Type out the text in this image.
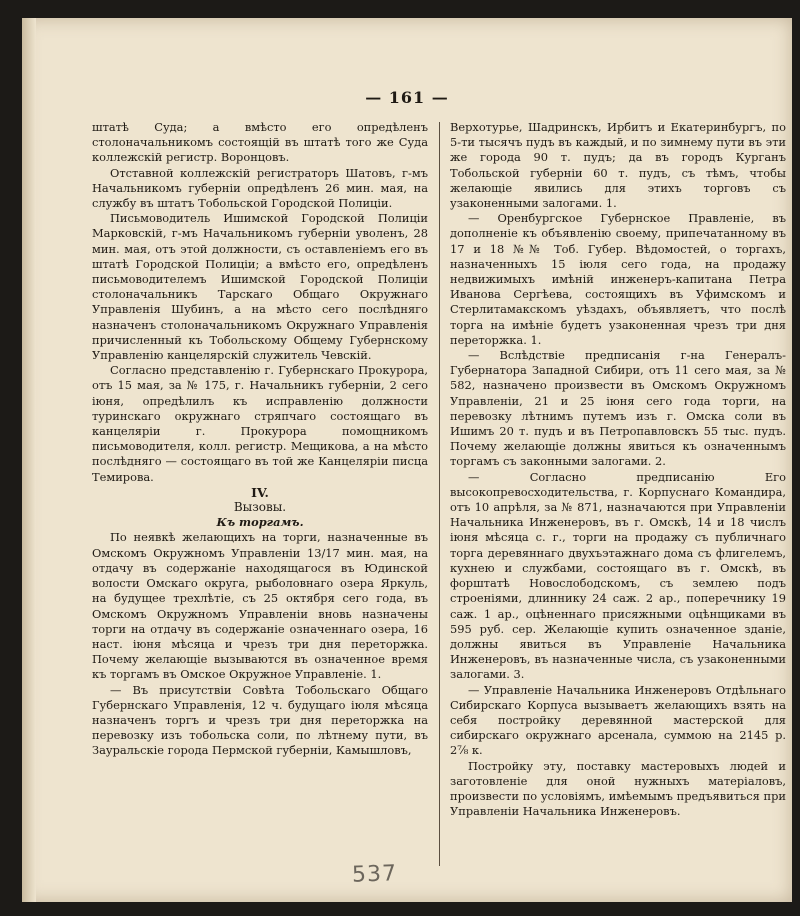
— 161 —

штатѣ Суда; а вмѣсто его опредѣленъ столоначальникомъ состоящій въ штатѣ того же Суда коллежскій регистр. Воронцовъ.

Отставной коллежскій регистраторъ Шатовъ, г-мъ Начальникомъ губерніи опредѣленъ 26 мин. мая, на службу въ штатъ Тобольской Городской Полиціи.

Письмоводитель Ишимской Городской Полиціи Марковскій, г-мъ Начальникомъ губерніи уволенъ, 28 мин. мая, отъ этой должности, съ оставленіемъ его въ штатѣ Городской Полиціи; а вмѣсто его, опредѣленъ письмоводителемъ Ишимской Городской Полиціи столоначальникъ Тарскаго Общаго Окружнаго Управленія Шубинъ, а на мѣсто сего послѣдняго назначенъ столоначальникомъ Окружнаго Управленія причисленный къ Тобольскому Общему Губернскому Управленію канцелярскій служитель Чевскій.

Согласно представленію г. Губернскаго Прокурора, отъ 15 мая, за № 175, г. Начальникъ губерніи, 2 сего іюня, опредѣлилъ къ исправленію должности туринскаго окружнаго стряпчаго состоящаго въ канцеляріи г. Прокурора помощникомъ письмоводителя, колл. регистр. Мещикова, а на мѣсто послѣдняго — состоящаго въ той же Канцеляріи писца Темирова.

IV.

Вызовы.

Къ торгамъ.

По неявкѣ желающихъ на торги, назначенные въ Омскомъ Окружномъ Управленіи 13/17 мин. мая, на отдачу въ содержаніе находящагося въ Юдинской волости Омскаго округа, рыболовнаго озера Яркуль, на будущее трехлѣтіе, съ 25 октября сего года, въ Омскомъ Окружномъ Управленіи вновь назначены торги на отдачу въ содержаніе означеннаго озера, 16 наст. іюня мѣсяца и чрезъ три дня переторжка. Почему желающіе вызываются въ означенное время къ торгамъ въ Омское Окружное Управленіе. 1.

— Въ присутствіи Совѣта Тобольскаго Общаго Губернскаго Управленія, 12 ч. будущаго іюля мѣсяца назначенъ торгъ и чрезъ три дня переторжка на перевозку изъ тобольска соли, по лѣтнему пути, въ Зауральскіе города Пермской губерніи, Камышловъ,

Верхотурье, Шадринскъ, Ирбитъ и Екатеринбургъ, по 5-ти тысячъ пудъ въ каждый, и по зимнему пути въ эти же города 90 т. пудъ; да въ городъ Курганъ Тобольской губерніи 60 т. пудъ, съ тѣмъ, чтобы желающіе явились для этихъ торговъ съ узаконенными залогами. 1.

— Оренбургское Губернское Правленіе, въ дополненіе къ объявленію своему, припечатанному въ 17 и 18 №№ Тоб. Губер. Вѣдомостей, о торгахъ, назначенныхъ 15 іюля сего года, на продажу недвижимыхъ имѣній инженеръ-капитана Петра Иванова Сергѣева, состоящихъ въ Уфимскомъ и Стерлитамакскомъ уѣздахъ, объявляетъ, что послѣ торга на имѣніе будетъ узаконенная чрезъ три дня переторжка. 1.

— Вслѣдствіе предписанія г-на Генералъ-Губернатора Западной Сибири, отъ 11 сего мая, за № 582, назначено произвести въ Омскомъ Окружномъ Управленіи, 21 и 25 іюня сего года торги, на перевозку лѣтнимъ путемъ изъ г. Омска соли въ Ишимъ 20 т. пудъ и въ Петропавловскъ 55 тыс. пудъ. Почему желающіе должны явиться къ означеннымъ торгамъ съ законными залогами. 2.

— Согласно предписанію Его высокопревосходительства, г. Корпуснаго Командира, отъ 10 апрѣля, за № 871, назначаются при Управленіи Начальника Инженеровъ, въ г. Омскѣ, 14 и 18 числъ іюня мѣсяца с. г., торги на продажу съ публичнаго торга деревяннаго двухъэтажнаго дома съ флигелемъ, кухнею и службами, состоящаго въ г. Омскѣ, въ форштатѣ Новослободскомъ, съ землею подъ строеніями, длиннику 24 саж. 2 ар., поперечнику 19 саж. 1 ар., оцѣненнаго присяжными оцѣнщиками въ 595 руб. сер. Желающіе купить означенное зданіе, должны явиться въ Управленіе Начальника Инженеровъ, въ назначенные числа, съ узаконенными залогами. 3.

— Управленіе Начальника Инженеровъ Отдѣльнаго Сибирскаго Корпуса вызываетъ желающихъ взять на себя постройку деревянной мастерской для сибирскаго окружнаго арсенала, суммою на 2145 р. 2⅞ к.

Постройку эту, поставку мастеровыхъ людей и заготовленіе для оной нужныхъ матеріаловъ, произвести по условіямъ, имѣемымъ предъявиться при Управленіи Начальника Инженеровъ.

537
